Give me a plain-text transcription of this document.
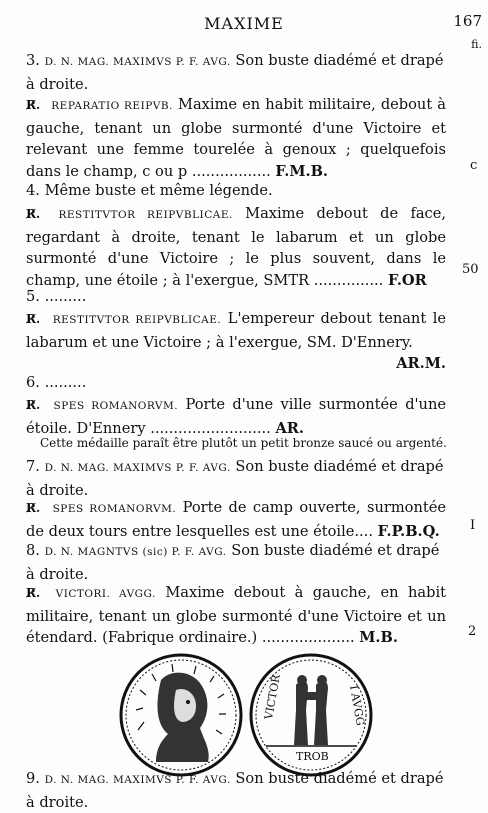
MAXIME	167
fi.
3. D. N. MAG. MAXIMVS P. F. AVG. Son buste diadémé et drapé à droite.
R̸. REPARATIO REIPVB. Maxime en habit militaire, debout à gauche, tenant un globe surmonté d'une Victoire et relevant une femme tourelée à genoux ; quelquefois dans le champ, c ou p ................. F.M.B.	c
4. Même buste et même légende.
R̸. RESTITVTOR REIPVBLICAE. Maxime debout de face, regardant à droite, tenant le labarum et un globe surmonté d'une Victoire ; le plus souvent, dans le champ, une étoile ; à l'exergue, SMTR ............... F.OR
50
5. .........
R̸. RESTITVTOR REIPVBLICAE. L'empereur debout tenant le labarum et une Victoire ; à l'exergue, SM. D'Ennery.
AR.M.
6. .........
R̸. SPES ROMANORVM. Porte d'une ville surmontée d'une étoile. D'Ennery .......................... AR.
Cette médaille paraît être plutôt un petit bronze saucé ou argenté.
7. D. N. MAG. MAXIMVS P. F. AVG. Son buste diadémé et drapé à droite.
R̸. SPES ROMANORVM. Porte de camp ouverte, surmontée de deux tours entre lesquelles est une étoile.... F.P.B.Q.	I
8. D. N. MAGNTVS (sic) P. F. AVG. Son buste diadémé et drapé à droite.
R̸. VICTORI. AVGG. Maxime debout à gauche, en habit militaire, tenant un globe surmonté d'une Victoire et un étendard. (Fabrique ordinaire.) .................... M.B.	2
VICTOR	I AVGG
TROB
9. D. N. MAG. MAXIMVS P. F. AVG. Son buste diadémé et drapé à droite.
